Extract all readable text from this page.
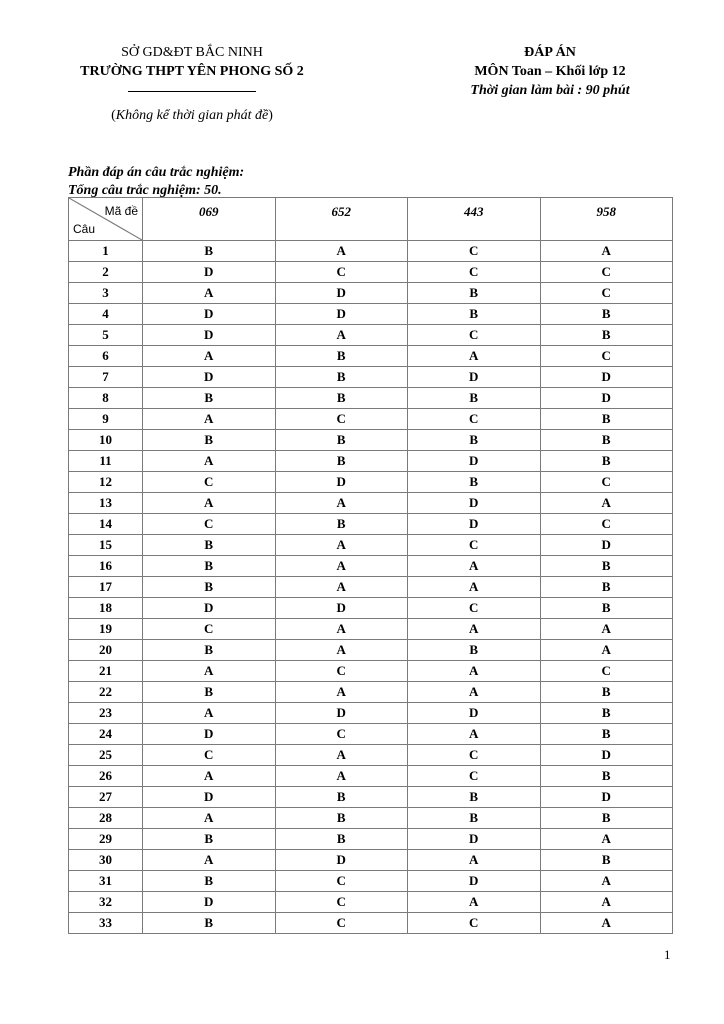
SỞ GD&ĐT BẮC NINH
TRƯỜNG THPT YÊN PHONG SỐ 2
(Không kể thời gian phát đề)
ĐÁP ÁN
MÔN Toan – Khối lớp 12
Thời gian làm bài : 90 phút
Phần đáp án câu trắc nghiệm:
Tổng câu trắc nghiệm: 50.
Mã đề
Câu	069	652	443	958
1	B	A	C	A
2	D	C	C	C
3	A	D	B	C
4	D	D	B	B
5	D	A	C	B
6	A	B	A	C
7	D	B	D	D
8	B	B	B	D
9	A	C	C	B
10	B	B	B	B
11	A	B	D	B
12	C	D	B	C
13	A	A	D	A
14	C	B	D	C
15	B	A	C	D
16	B	A	A	B
17	B	A	A	B
18	D	D	C	B
19	C	A	A	A
20	B	A	B	A
21	A	C	A	C
22	B	A	A	B
23	A	D	D	B
24	D	C	A	B
25	C	A	C	D
26	A	A	C	B
27	D	B	B	D
28	A	B	B	B
29	B	B	D	A
30	A	D	A	B
31	B	C	D	A
32	D	C	A	A
33	B	C	C	A
1
